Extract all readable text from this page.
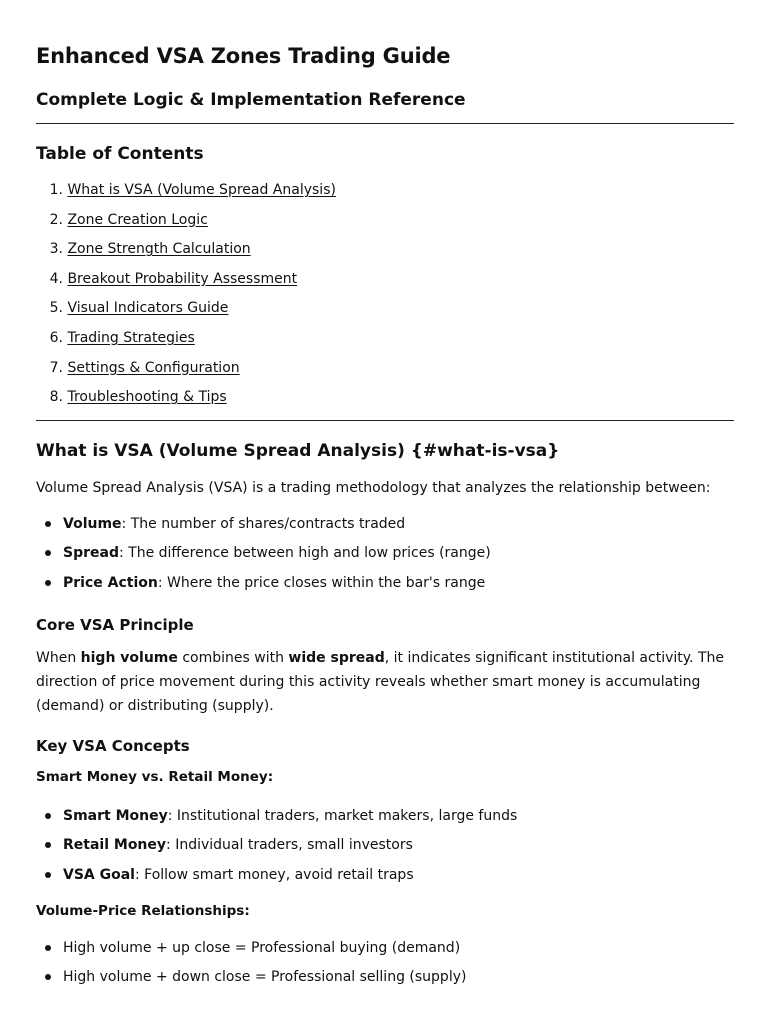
Enhanced VSA Zones Trading Guide
Complete Logic & Implementation Reference
Table of Contents
1. What is VSA (Volume Spread Analysis)
2. Zone Creation Logic
3. Zone Strength Calculation
4. Breakout Probability Assessment
5. Visual Indicators Guide
6. Trading Strategies
7. Settings & Configuration
8. Troubleshooting & Tips
What is VSA (Volume Spread Analysis) {#what-is-vsa}

Volume Spread Analysis (VSA) is a trading methodology that analyzes the relationship between:

Volume: The number of shares/contracts traded
Spread: The difference between high and low prices (range)
Price Action: Where the price closes within the bar's range
Core VSA Principle

When high volume combines with wide spread, it indicates significant institutional activity. The direction of price movement during this activity reveals whether smart money is accumulating (demand) or distributing (supply).

Key VSA Concepts
Smart Money vs. Retail Money:
Smart Money: Institutional traders, market makers, large funds
Retail Money: Individual traders, small investors
VSA Goal: Follow smart money, avoid retail traps
Volume-Price Relationships:
High volume + up close = Professional buying (demand)
High volume + down close = Professional selling (supply)
